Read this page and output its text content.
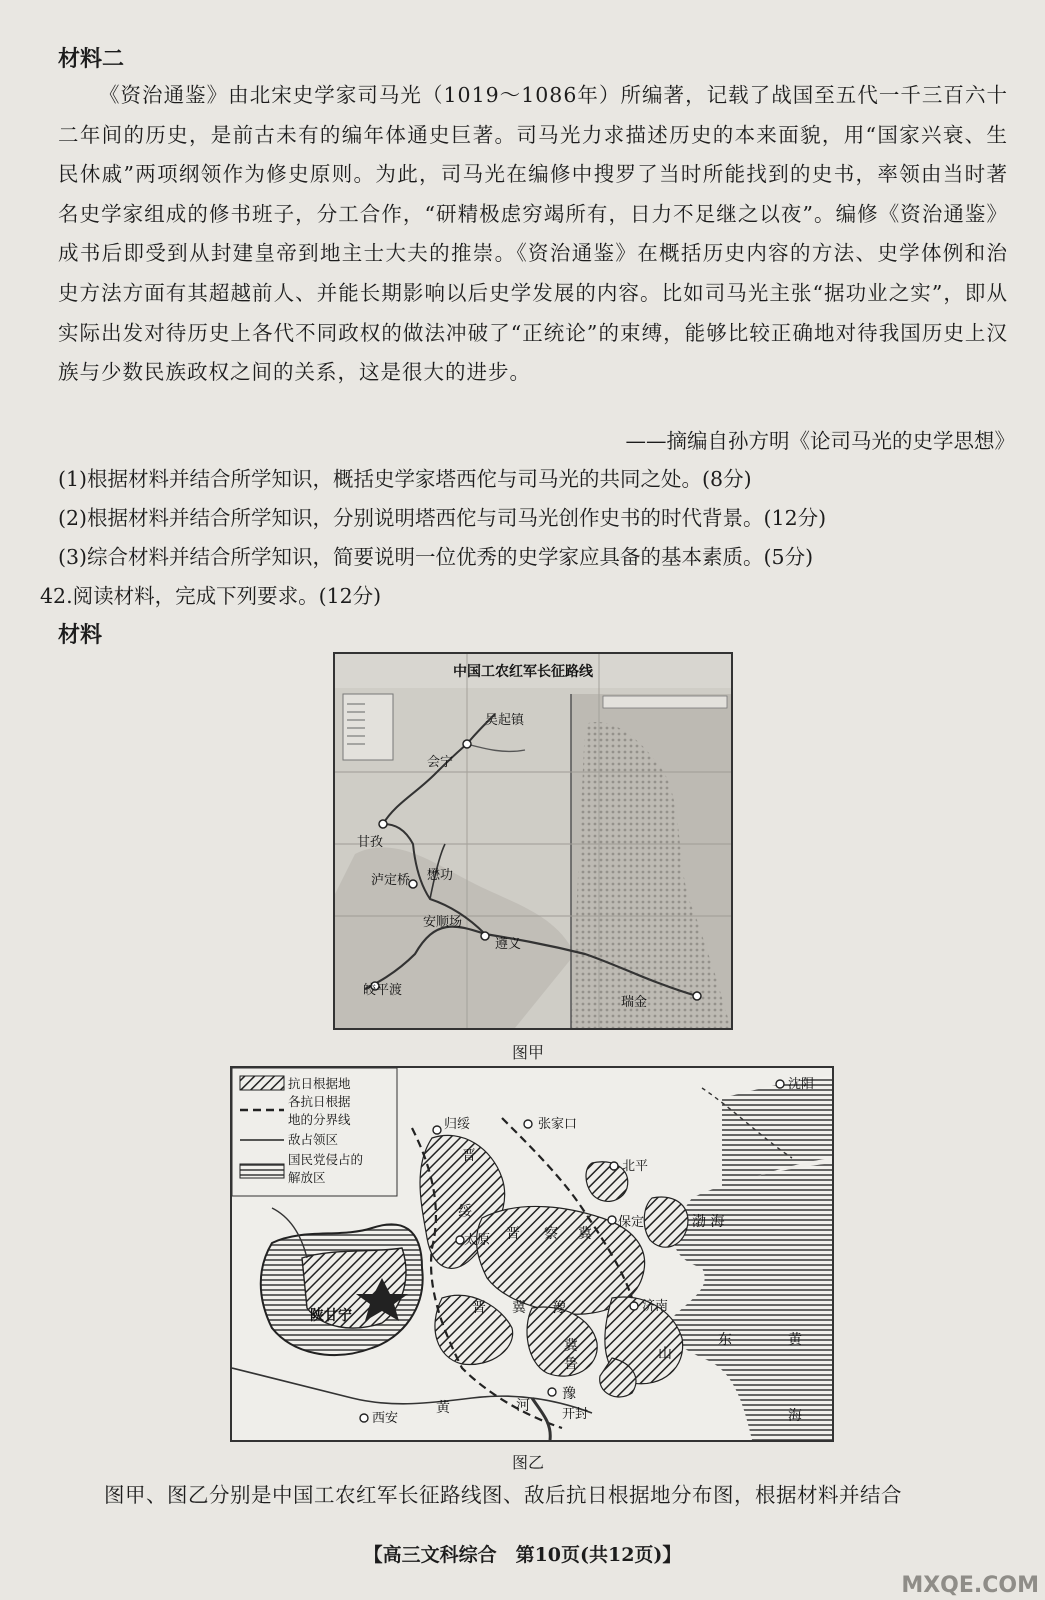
材料二
《资治通鉴》由北宋史学家司马光（1019～1086年）所编著，记载了战国至五代一千三百六十二年间的历史，是前古未有的编年体通史巨著。司马光力求描述历史的本来面貌，用“国家兴衰、生民休戚”两项纲领作为修史原则。为此，司马光在编修中搜罗了当时所能找到的史书，率领由当时著名史学家组成的修书班子，分工合作，“研精极虑穷竭所有，日力不足继之以夜”。编修《资治通鉴》成书后即受到从封建皇帝到地主士大夫的推崇。《资治通鉴》在概括历史内容的方法、史学体例和治史方法方面有其超越前人、并能长期影响以后史学发展的内容。比如司马光主张“据功业之实”，即从实际出发对待历史上各代不同政权的做法冲破了“正统论”的束缚，能够比较正确地对待我国历史上汉族与少数民族政权之间的关系，这是很大的进步。
——摘编自孙方明《论司马光的史学思想》
(1)根据材料并结合所学知识，概括史学家塔西佗与司马光的共同之处。(8分)
(2)根据材料并结合所学知识，分别说明塔西佗与司马光创作史书的时代背景。(12分)
(3)综合材料并结合所学知识，简要说明一位优秀的史学家应具备的基本素质。(5分)
42.阅读材料，完成下列要求。(12分)
材料
中国工农红军长征路线
会宁
吴起镇
甘孜
懋功
泸定桥
安顺场
遵义
皎平渡
瑞金
图甲
抗日根据地
各抗日根据
地的分界线
敌占领区
国民党侵占的
解放区
沈阳
归绥	张家口
北平
晋
渤 海
保定
绥
太原 晋 察 冀
陕甘宁	晋 冀 豫	济南
东	黄
山
冀
鲁
河
豫
开封
黄
西安	海
图乙
图甲、图乙分别是中国工农红军长征路线图、敌后抗日根据地分布图，根据材料并结合
【高三文科综合　第10页(共12页)】
MXQE.COM
